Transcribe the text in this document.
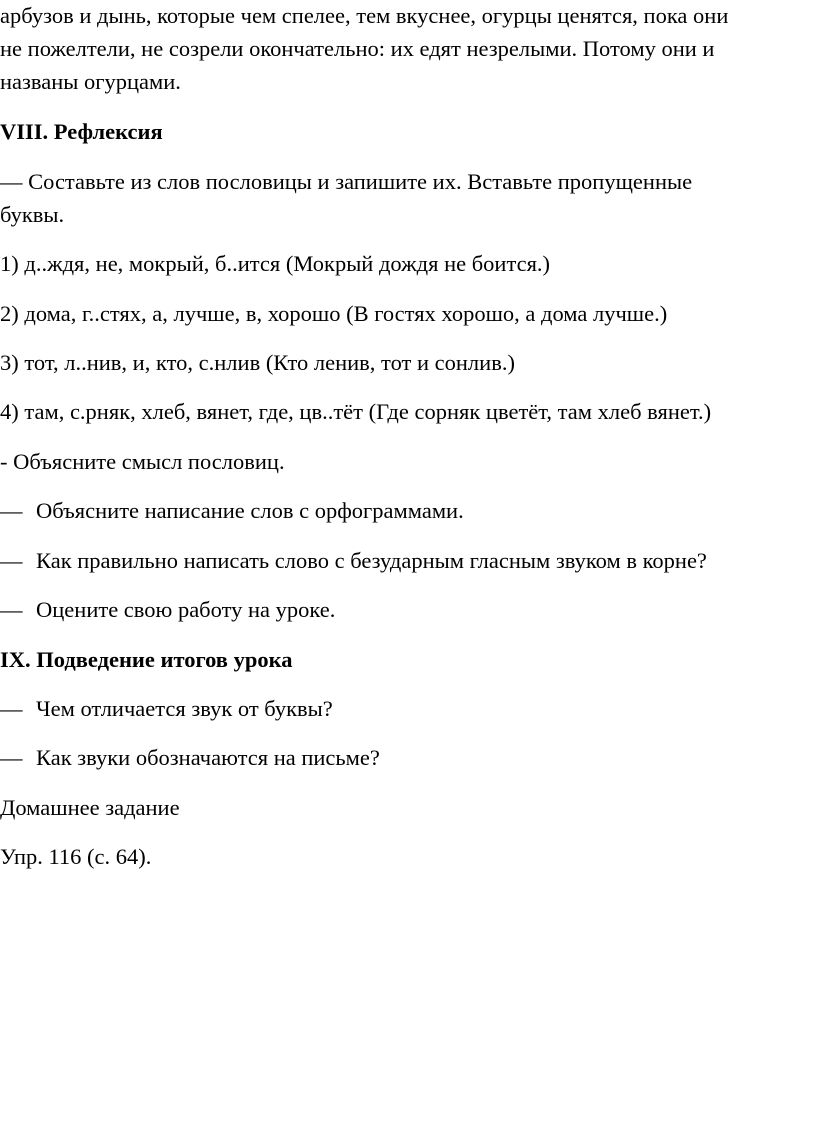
арбузов и дынь, которые чем спелее, тем вкуснее, огурцы ценятся, пока они
не пожелтели, не созрели окончательно: их едят незрелыми. Потому они и
названы огурцами.
VIII. Рефлексия
— Составьте из слов пословицы и запишите их. Вставьте пропущенные
буквы.
1) д..ждя, не, мокрый, б..ится (Мокрый дождя не боится.)
2) дома, г..стях, а, лучше, в, хорошо (В гостях хорошо, а дома лучше.)
3) тот, л..нив, и, кто, с.нлив (Кто ленив, тот и сонлив.)
4) там, с.рняк, хлеб, вянет, где, цв..тёт (Где сорняк цветёт, там хлеб вянет.)
- Объясните смысл пословиц.
— Объясните написание слов с орфограммами.
— Как правильно написать слово с безударным гласным звуком в корне?
— Оцените свою работу на уроке.
IX. Подведение итогов урока
— Чем отличается звук от буквы?
— Как звуки обозначаются на письме?
Домашнее задание
Упр. 116 (с. 64).
